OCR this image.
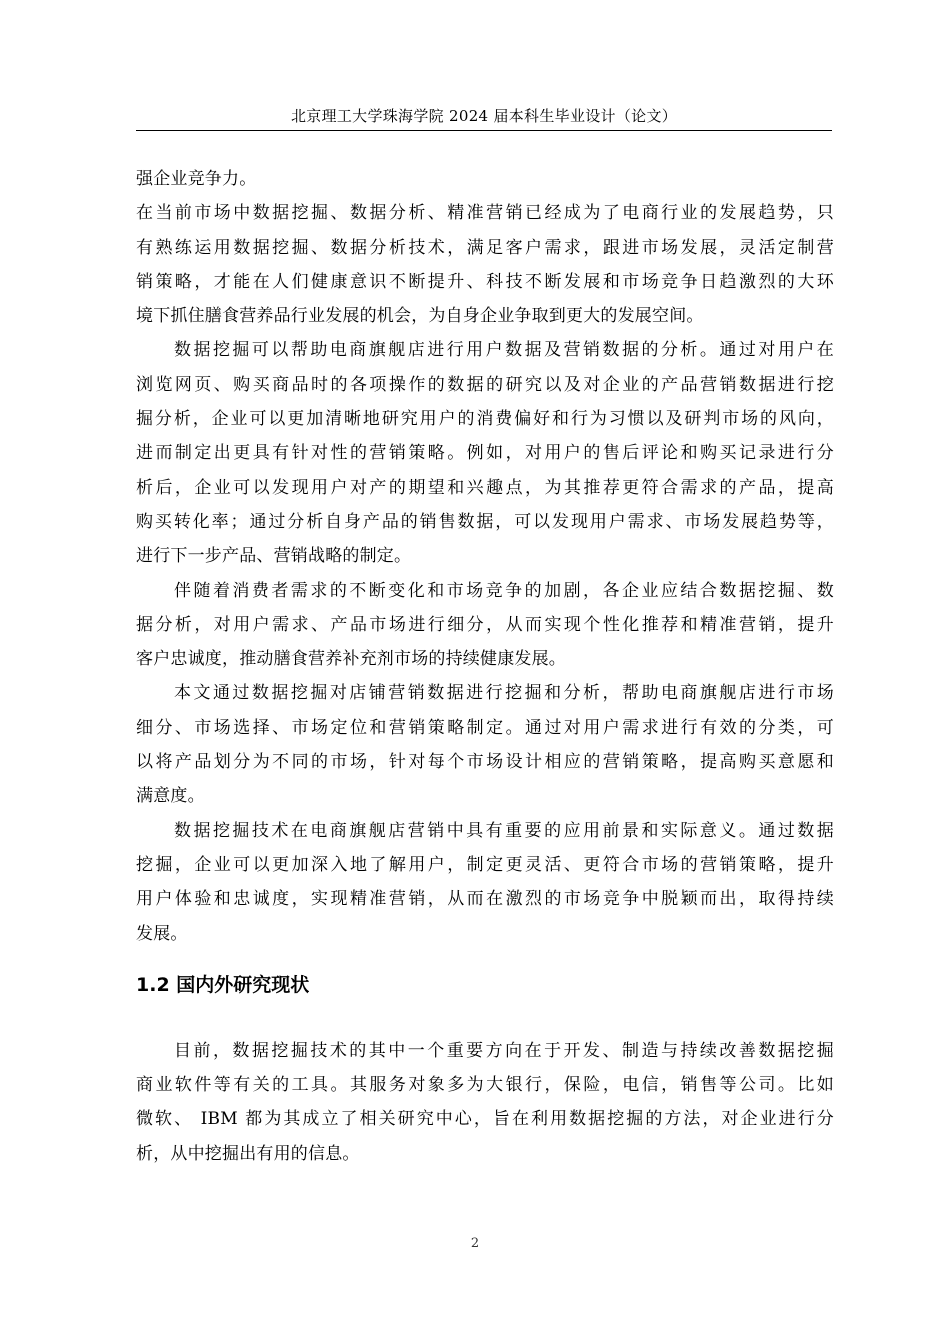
北京理工大学珠海学院 2024 届本科生毕业设计（论文）
强企业竞争力。
在当前市场中数据挖掘、数据分析、精准营销已经成为了电商行业的发展趋势，只
有熟练运用数据挖掘、数据分析技术，满足客户需求，跟进市场发展，灵活定制营
销策略，才能在人们健康意识不断提升、科技不断发展和市场竞争日趋激烈的大环
境下抓住膳食营养品行业发展的机会，为自身企业争取到更大的发展空间。
数据挖掘可以帮助电商旗舰店进行用户数据及营销数据的分析。通过对用户在
浏览网页、购买商品时的各项操作的数据的研究以及对企业的产品营销数据进行挖
掘分析，企业可以更加清晰地研究用户的消费偏好和行为习惯以及研判市场的风向，
进而制定出更具有针对性的营销策略。例如，对用户的售后评论和购买记录进行分
析后，企业可以发现用户对产的期望和兴趣点，为其推荐更符合需求的产品，提高
购买转化率；通过分析自身产品的销售数据，可以发现用户需求、市场发展趋势等，
进行下一步产品、营销战略的制定。
伴随着消费者需求的不断变化和市场竞争的加剧，各企业应结合数据挖掘、数
据分析，对用户需求、产品市场进行细分，从而实现个性化推荐和精准营销，提升
客户忠诚度，推动膳食营养补充剂市场的持续健康发展。
本文通过数据挖掘对店铺营销数据进行挖掘和分析，帮助电商旗舰店进行市场
细分、市场选择、市场定位和营销策略制定。通过对用户需求进行有效的分类，可
以将产品划分为不同的市场，针对每个市场设计相应的营销策略，提高购买意愿和
满意度。
数据挖掘技术在电商旗舰店营销中具有重要的应用前景和实际意义。通过数据
挖掘，企业可以更加深入地了解用户，制定更灵活、更符合市场的营销策略，提升
用户体验和忠诚度，实现精准营销，从而在激烈的市场竞争中脱颖而出，取得持续
发展。
1.2 国内外研究现状
目前，数据挖掘技术的其中一个重要方向在于开发、制造与持续改善数据挖掘
商业软件等有关的工具。其服务对象多为大银行，保险，电信，销售等公司。比如
微软、 IBM 都为其成立了相关研究中心，旨在利用数据挖掘的方法，对企业进行分
析，从中挖掘出有用的信息。
2
